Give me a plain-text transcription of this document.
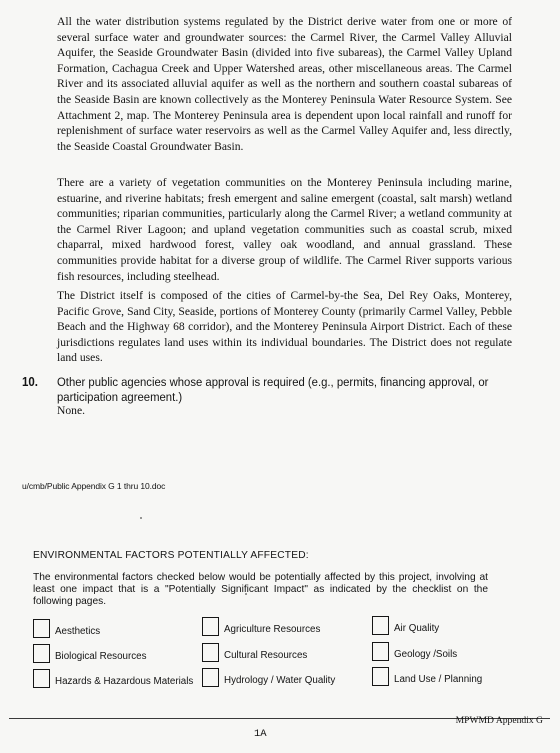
All the water distribution systems regulated by the District derive water from one or more of several surface water and groundwater sources: the Carmel River, the Carmel Valley Alluvial Aquifer, the Seaside Groundwater Basin (divided into five subareas), the Carmel Valley Upland Formation, Cachagua Creek and Upper Watershed areas, other miscellaneous areas. The Carmel River and its associated alluvial aquifer as well as the northern and southern coastal subareas of the Seaside Basin are known collectively as the Monterey Peninsula Water Resource System. See Attachment 2, map. The Monterey Peninsula area is dependent upon local rainfall and runoff for replenishment of surface water reservoirs as well as the Carmel Valley Aquifer and, less directly, the Seaside Coastal Groundwater Basin.

There are a variety of vegetation communities on the Monterey Peninsula including marine, estuarine, and riverine habitats; fresh emergent and saline emergent (coastal, salt marsh) wetland communities; riparian communities, particularly along the Carmel River; a wetland community at the Carmel River Lagoon; and upland vegetation communities such as coastal scrub, mixed chaparral, mixed hardwood forest, valley oak woodland, and annual grassland. These communities provide habitat for a diverse group of wildlife. The Carmel River supports various fish resources, including steelhead.

The District itself is composed of the cities of Carmel-by-the Sea, Del Rey Oaks, Monterey, Pacific Grove, Sand City, Seaside, portions of Monterey County (primarily Carmel Valley, Pebble Beach and the Highway 68 corridor), and the Monterey Peninsula Airport District. Each of these jurisdictions regulates land uses within its individual boundaries. The District does not regulate land uses.

10. Other public agencies whose approval is required (e.g., permits, financing approval, or participation agreement.)
None.
u/cmb/Public Appendix G 1 thru 10.doc
ENVIRONMENTAL FACTORS POTENTIALLY AFFECTED:

The environmental factors checked below would be potentially affected by this project, involving at least one impact that is a "Potentially Significant Impact" as indicated by the checklist on the following pages.

Aesthetics	Agriculture Resources	Air Quality
Biological Resources	Cultural Resources	Geology /Soils
Hazards & Hazardous Materials	Hydrology / Water Quality	Land Use / Planning
MPWMD Appendix G
1A
